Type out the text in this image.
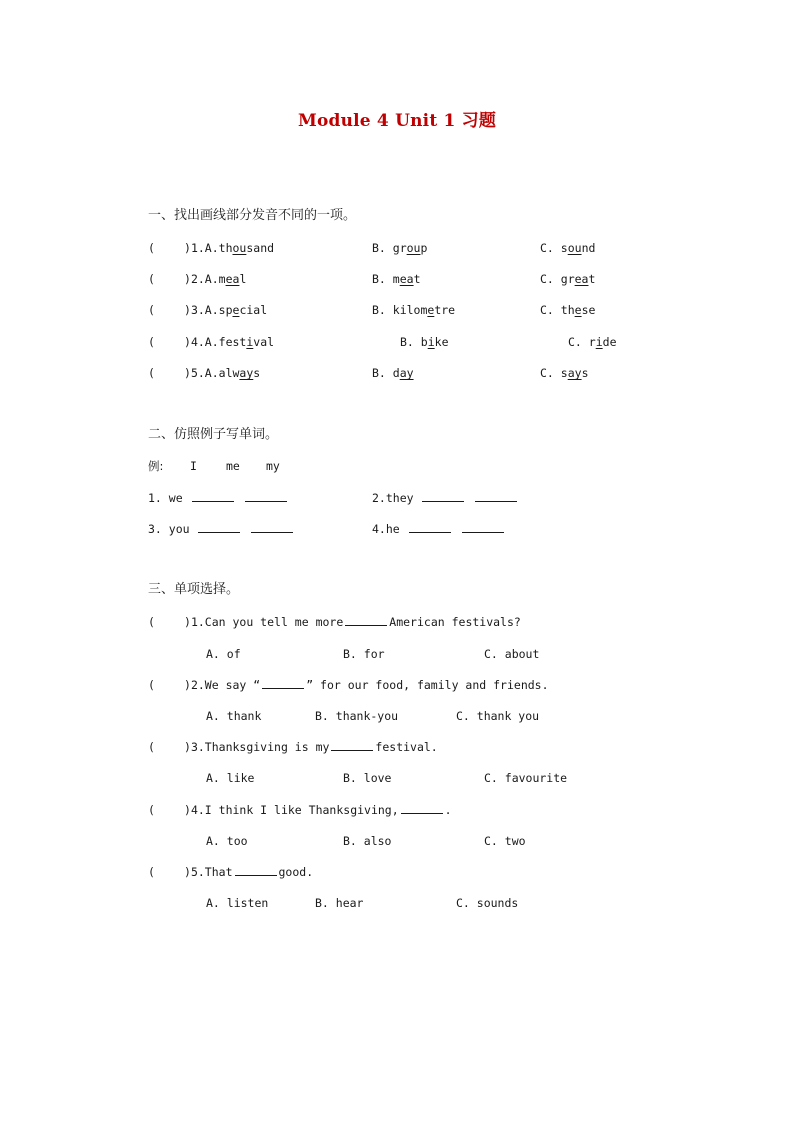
Module 4 Unit 1 习题
一、找出画线部分发音不同的一项。
(	)1.A.thousand	B. group	C. sound
(	)2.A.meal	B. meat	C. great
(	)3.A.special	B. kilometre	C. these
(	)4.A.festival	B. bike	C. ride
(	)5.A.always	B. day	C. says
二、仿照例子写单词。
例: I	me my
1. we	2.they
3. you	4.he
三、单项选择。
(	)1.Can you tell me more	American festivals?
A. of	B. for	C. about
(	)2.We say “	” for our food, family and friends.
A. thank	B. thank-you	C. thank you
(	)3.Thanksgiving is my	festival.
A. like	B. love	C. favourite
(	)4.I think I like Thanksgiving,	.
A. too	B. also	C. two
(	)5.That	good.
A. listen	B. hear	C. sounds
